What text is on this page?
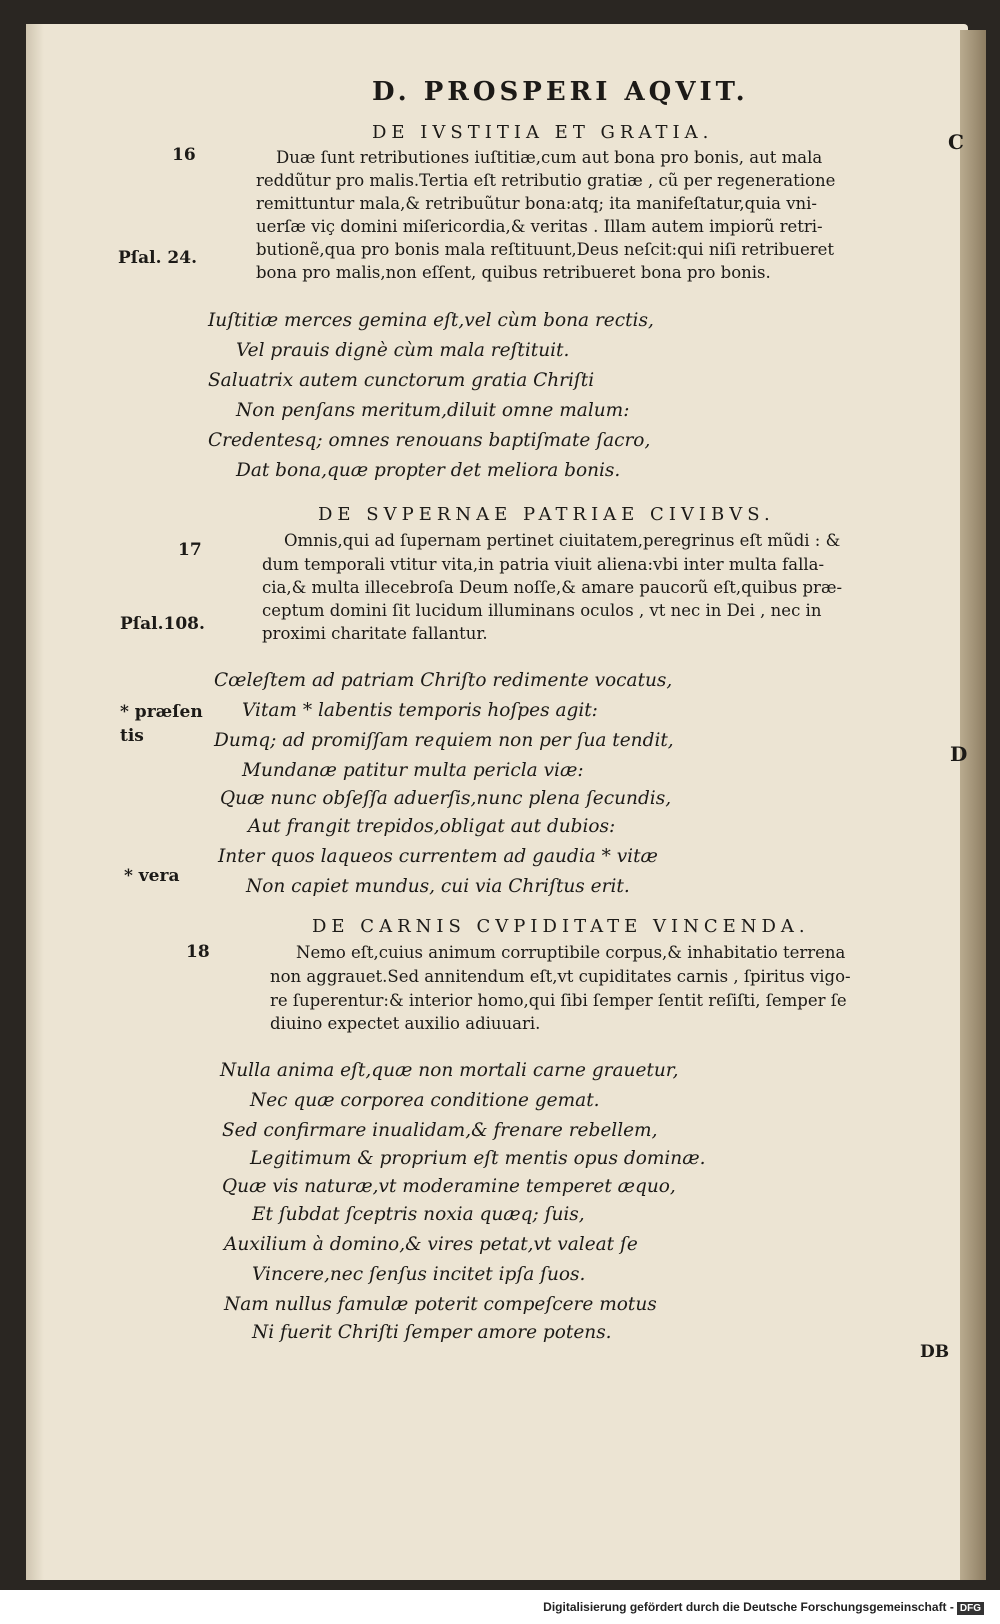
D. PROSPERI AQVIT.
16
DE IVSTITIA ET GRATIA.
Duæ ſunt retributiones iuſtitiæ,cum aut bona pro bonis, aut mala
reddũtur pro malis.Tertia eſt retributio gratiæ , cũ per regeneratione
remittuntur mala,& retribuũtur bona:atq; ita manifeſtatur,quia vni-
uerſæ viç domini miſericordia,& veritas . Illam autem impiorũ retri-
butionẽ,qua pro bonis mala reſtituunt,Deus neſcit:qui niſi retribueret
bona pro malis,non eſſent, quibus retribueret bona pro bonis.
Pſal. 24.
Iuſtitiæ merces gemina eſt,vel cùm bona rectis,
Vel prauis dignè cùm mala reſtituit.
Saluatrix autem cunctorum gratia Chriſti
Non penſans meritum,diluit omne malum:
Credentesq; omnes renouans baptiſmate ſacro,
Dat bona,quæ propter det meliora bonis.
DE SVPERNAE PATRIAE CIVIBVS.
17	Omnis,qui ad ſupernam pertinet ciuitatem,peregrinus eſt mũdi : &
dum temporali vtitur vita,in patria viuit aliena:vbi inter multa falla-
cia,& multa illecebroſa Deum noſſe,& amare paucorũ eſt,quibus præ-
ceptum domini ſit lucidum illuminans oculos , vt nec in Dei , nec in
proximi charitate fallantur.
Pſal.108.
Cœleſtem ad patriam Chriſto redimente vocatus,
Vitam * labentis temporis hoſpes agit:
Dumq; ad promiſſam requiem non per ſua tendit,
Mundanæ patitur multa pericla viæ:
Quæ nunc obſeſſa aduerſis,nunc plena ſecundis,
Aut frangit trepidos,obligat aut dubios:
Inter quos laqueos currentem ad gaudia * vitæ
Non capiet mundus, cui via Chriſtus erit.
* præſen
tis
* vera
DE CARNIS CVPIDITATE VINCENDA.
18	Nemo eſt,cuius animum corruptibile corpus,& inhabitatio terrena
non aggrauet.Sed annitendum eſt,vt cupiditates carnis , ſpiritus vigo-
re ſuperentur:& interior homo,qui ſibi ſemper ſentit reſiſti, ſemper ſe
diuino expectet auxilio adiuuari.
Nulla anima eſt,quæ non mortali carne grauetur,
Nec quæ corporea conditione gemat.
Sed confirmare inualidam,& frenare rebellem,
Legitimum & proprium eſt mentis opus dominæ.
Quæ vis naturæ,vt moderamine temperet æquo,
Et ſubdat ſceptris noxia quæq; ſuis,
Auxilium à domino,& vires petat,vt valeat ſe
Vincere,nec ſenſus incitet ipſa ſuos.
Nam nullus famulæ poterit compeſcere motus
Ni fuerit Chriſti ſemper amore potens.
C
D
DB
Digitalisierung gefördert durch die Deutsche Forschungsgemeinschaft - DFG
